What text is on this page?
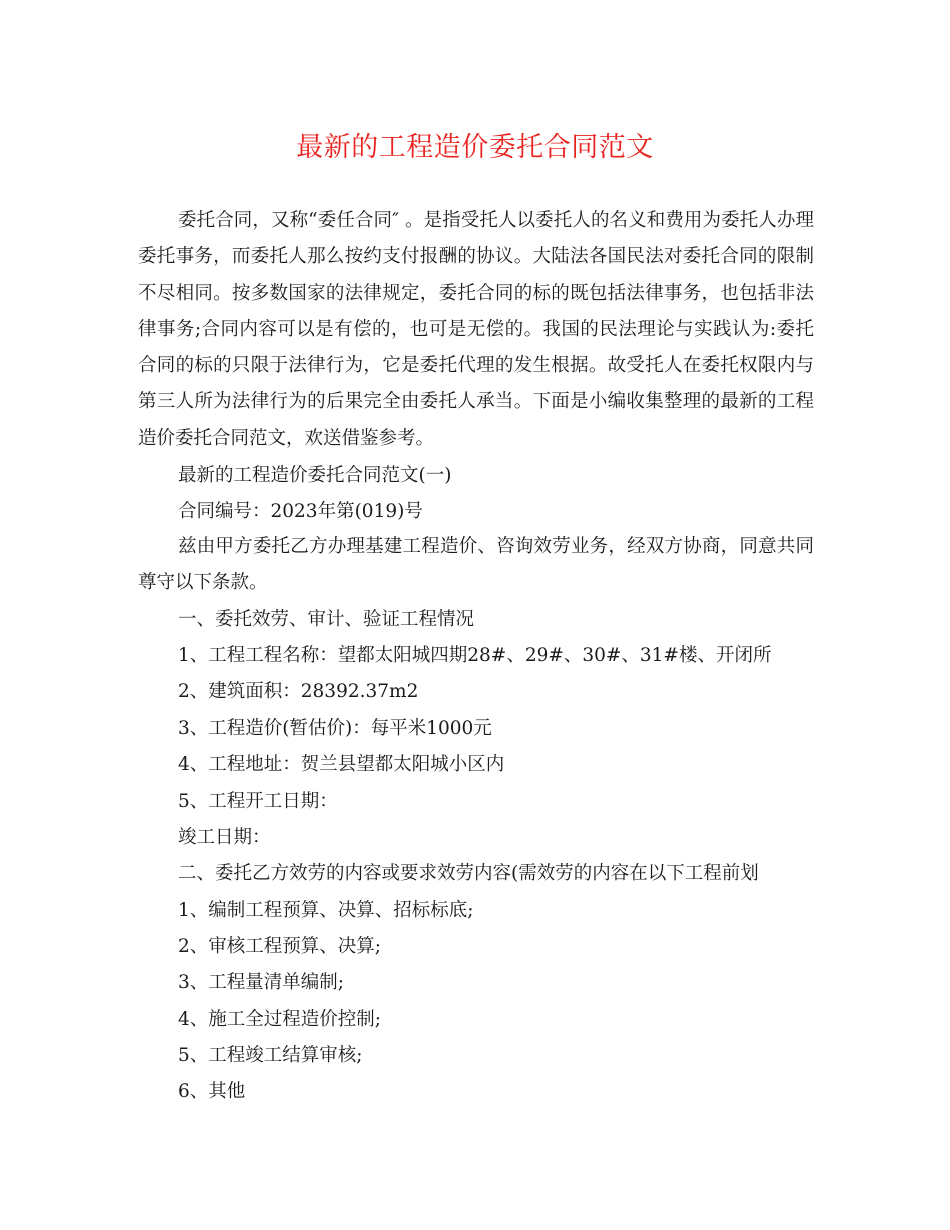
最新的工程造价委托合同范文

委托合同，又称“委任合同″ 。是指受托人以委托人的名义和费用为委托人办理委托事务，而委托人那么按约支付报酬的协议。大陆法各国民法对委托合同的限制不尽相同。按多数国家的法律规定，委托合同的标的既包括法律事务，也包括非法律事务;合同内容可以是有偿的，也可是无偿的。我国的民法理论与实践认为:委托合同的标的只限于法律行为，它是委托代理的发生根据。故受托人在委托权限内与第三人所为法律行为的后果完全由委托人承当。下面是小编收集整理的最新的工程造价委托合同范文，欢送借鉴参考。

最新的工程造价委托合同范文(一)

合同编号：2023年第(019)号

兹由甲方委托乙方办理基建工程造价、咨询效劳业务，经双方协商，同意共同尊守以下条款。

一、委托效劳、审计、验证工程情况

1、工程工程名称：望都太阳城四期28#、29#、30#、31#楼、开闭所

2、建筑面积：28392.37m2

3、工程造价(暂估价)：每平米1000元

4、工程地址：贺兰县望都太阳城小区内

5、工程开工日期：

竣工日期：

二、委托乙方效劳的内容或要求效劳内容(需效劳的内容在以下工程前划

1、编制工程预算、决算、招标标底;

2、审核工程预算、决算;

3、工程量清单编制;

4、施工全过程造价控制;

5、工程竣工结算审核;

6、其他
